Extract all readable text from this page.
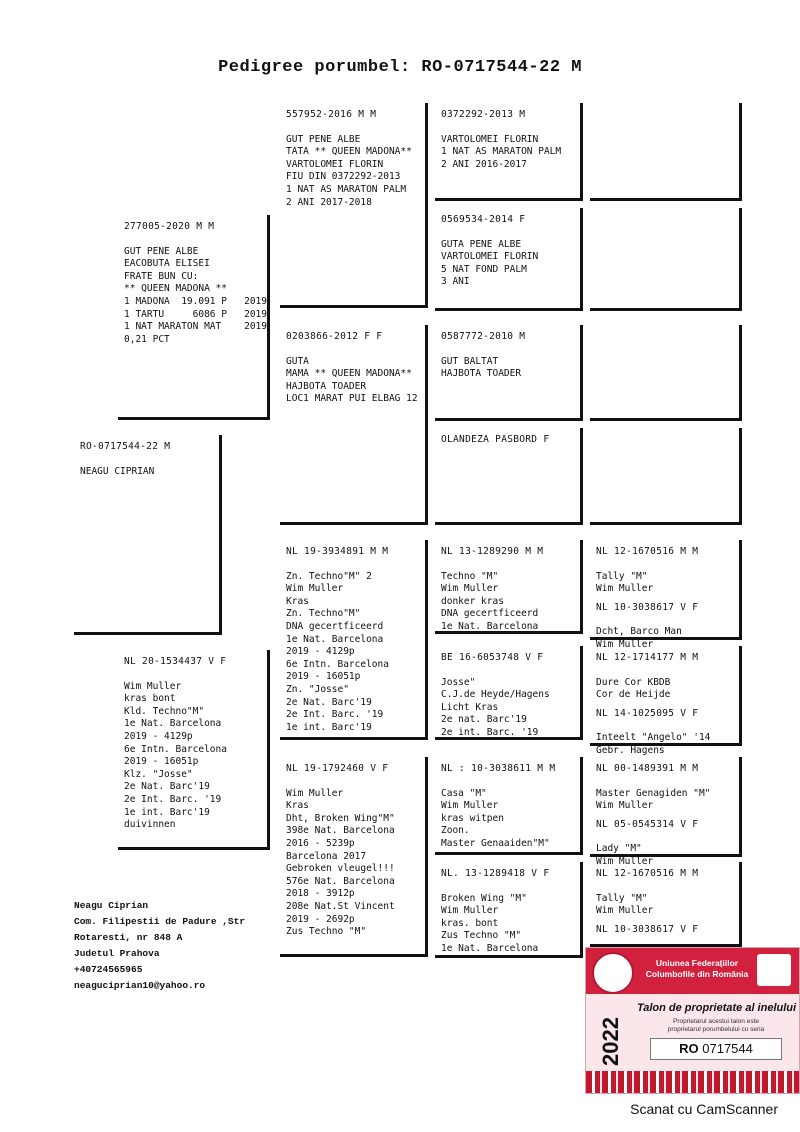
Pedigree porumbel: RO-0717544-22 M
RO-0717544-22 M
NEAGU CIPRIAN
277005-2020 M M
GUT PENE ALBE
EACOBUTA ELISEI
FRATE BUN CU:
** QUEEN MADONA **
1 MADONA  19.091 P   2019
1 TARTU     6086 P   2019
1 NAT MARATON MAT    2019
0,21 PCT
NL 20-1534437 V F
Wim Muller
kras bont
Kld. Techno"M"
1e Nat. Barcelona
2019 - 4129p
6e Intn. Barcelona
2019 - 16051p
Klz. "Josse"
2e Nat. Barc'19
2e Int. Barc. '19
1e int. Barc'19
duivinnen
557952-2016 M M
GUT PENE ALBE
TATA ** QUEEN MADONA**
VARTOLOMEI FLORIN
FIU DIN 0372292-2013
1 NAT AS MARATON PALM
2 ANI 2017-2018
0203866-2012 F F
GUTA
MAMA ** QUEEN MADONA**
HAJBOTA TOADER
LOC1 MARAT PUI ELBAG 12
NL 19-3934891 M M
Zn. Techno"M" 2
Wim Muller
Kras
Zn. Techno"M"
DNA gecertficeerd
1e Nat. Barcelona
2019 - 4129p
6e Intn. Barcelona
2019 - 16051p
Zn. "Josse"
2e Nat. Barc'19
2e Int. Barc. '19
1e int. Barc'19
NL 19-1792460 V F
Wim Muller
Kras
Dht, Broken Wing"M"
398e Nat. Barcelona
2016 - 5239p
Barcelona 2017
Gebroken vleugel!!!
576e Nat. Barcelona
2018 - 3912p
208e Nat.St Vincent
2019 - 2692p
Zus Techno "M"
0372292-2013 M
VARTOLOMEI FLORIN
1 NAT AS MARATON PALM
2 ANI 2016-2017
0569534-2014 F
GUTA PENE ALBE
VARTOLOMEI FLORIN
5 NAT FOND PALM
3 ANI
0587772-2010 M
GUT BALTAT
HAJBOTA TOADER
OLANDEZA PASBORD F
NL 13-1289290 M M
Techno "M"
Wim Muller
donker kras
DNA gecertficeerd
1e Nat. Barcelona
BE 16-6053748 V F
Josse"
C.J.de Heyde/Hagens
Licht Kras
2e nat. Barc'19
2e int. Barc. '19
NL : 10-3038611 M M
Casa "M"
Wim Muller
kras witpen
Zoon.
Master Genaaiden"M"
NL. 13-1289418 V F
Broken Wing "M"
Wim Muller
kras. bont
Zus Techno "M"
1e Nat. Barcelona
NL 12-1670516 M M
Tally "M"
Wim Muller
NL 10-3038617 V F
Dcht, Barco Man
Wim Muller
NL 12-1714177 M M
Dure Cor KBDB
Cor de Heijde
NL 14-1025095 V F
Inteelt "Angelo" '14
Gebr. Hagens
NL 00-1489391 M M
Master Genagiden "M"
Wim Muller
NL 05-0545314 V F
Lady "M"
Wim Muller
NL 12-1670516 M M
Tally "M"
Wim Muller
NL 10-3038617 V F
Neagu Ciprian
Com. Filipestii de Padure ,Str
Rotaresti, nr 848 A
Judetul Prahova
+40724565965
neaguciprian10@yahoo.ro
Uniunea Federațiilor
Columbofile din România
2022
Talon de proprietate al inelului
Proprietarul acestui talon este
proprietarul porumbelului cu seria
RO 0717544
Scanat cu CamScanner
